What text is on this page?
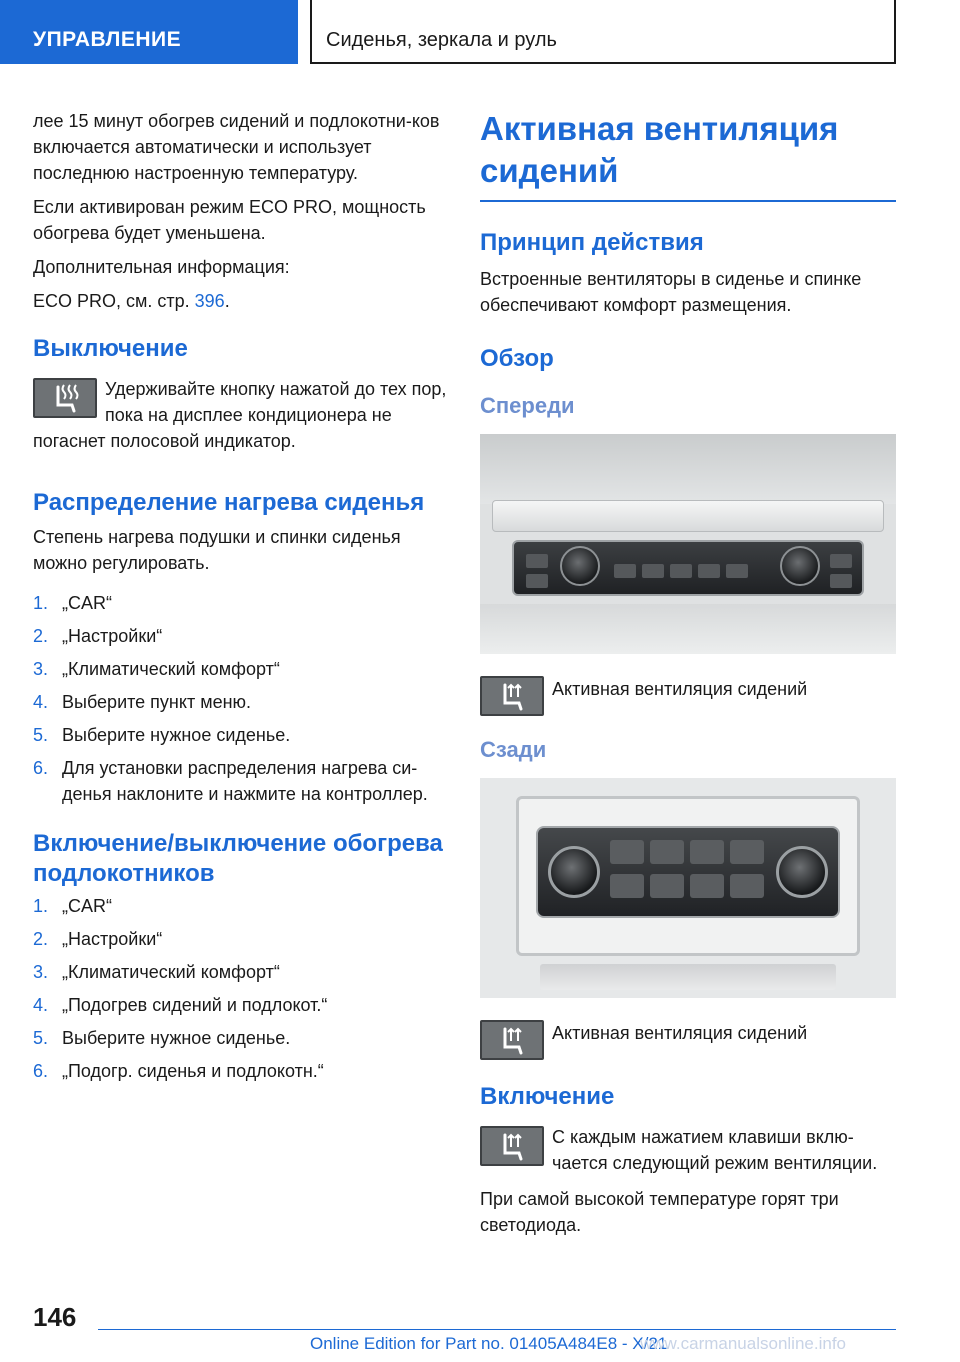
УПРАВЛЕНИЕ	Сиденья, зеркала и руль

лее 15 минут обогрев сидений и подлокотни-ков включается автоматически и использует последнюю настроенную температуру.

Если активирован режим ECO PRO, мощность обогрева будет уменьшена.

Дополнительная информация:

ECO PRO, см. стр. 396.

Выключение
Удерживайте кнопку нажатой до тех пор, пока на дисплее кондиционера не погаснет полосовой индикатор.
Распределение нагрева сиденья

Степень нагрева подушки и спинки сиденья можно регулировать.

1. „CAR“
2. „Настройки“
3. „Климатический комфорт“
4. Выберите пункт меню.
5. Выберите нужное сиденье.
6. Для установки распределения нагрева си-денья наклоните и нажмите на контроллер.
Включение/выключение обогрева подлокотников
1. „CAR“
2. „Настройки“
3. „Климатический комфорт“
4. „Подогрев сидений и подлокот.“
5. Выберите нужное сиденье.
6. „Подогр. сиденья и подлокотн.“
Активная вентиляция сидений
Принцип действия

Встроенные вентиляторы в сиденье и спинке обеспечивают комфорт размещения.

Обзор
Спереди
Активная вентиляция сидений
Сзади
Активная вентиляция сидений
Включение
С каждым нажатием клавиши вклю-чается следующий режим вентиляции.

При самой высокой температуре горят три светодиода.

146
Online Edition for Part no. 01405A484E8 - X/21
www.carmanualsonline.info
